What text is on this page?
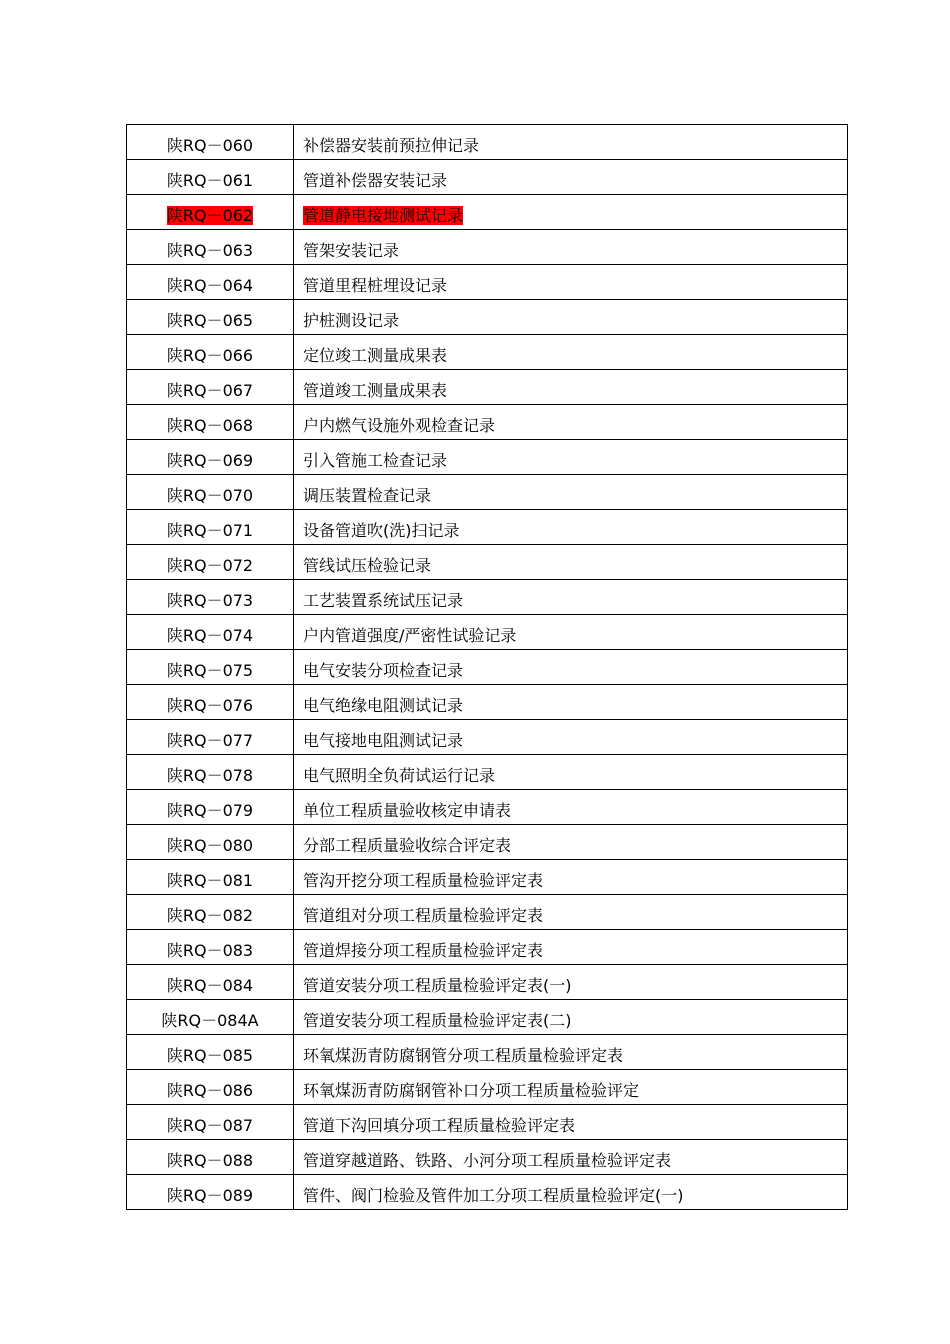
陕RQ－060	补偿器安装前预拉伸记录
陕RQ－061	管道补偿器安装记录
陕RQ－062	管道静电接地测试记录
陕RQ－063	管架安装记录
陕RQ－064	管道里程桩埋设记录
陕RQ－065	护桩测设记录
陕RQ－066	定位竣工测量成果表
陕RQ－067	管道竣工测量成果表
陕RQ－068	户内燃气设施外观检查记录
陕RQ－069	引入管施工检查记录
陕RQ－070	调压装置检查记录
陕RQ－071	设备管道吹(洗)扫记录
陕RQ－072	管线试压检验记录
陕RQ－073	工艺装置系统试压记录
陕RQ－074	户内管道强度/严密性试验记录
陕RQ－075	电气安装分项检查记录
陕RQ－076	电气绝缘电阻测试记录
陕RQ－077	电气接地电阻测试记录
陕RQ－078	电气照明全负荷试运行记录
陕RQ－079	单位工程质量验收核定申请表
陕RQ－080	分部工程质量验收综合评定表
陕RQ－081	管沟开挖分项工程质量检验评定表
陕RQ－082	管道组对分项工程质量检验评定表
陕RQ－083	管道焊接分项工程质量检验评定表
陕RQ－084	管道安装分项工程质量检验评定表(一)
陕RQ－084A	管道安装分项工程质量检验评定表(二)
陕RQ－085	环氧煤沥青防腐钢管分项工程质量检验评定表
陕RQ－086	环氧煤沥青防腐钢管补口分项工程质量检验评定
陕RQ－087	管道下沟回填分项工程质量检验评定表
陕RQ－088	管道穿越道路、铁路、小河分项工程质量检验评定表
陕RQ－089	管件、阀门检验及管件加工分项工程质量检验评定(一)
